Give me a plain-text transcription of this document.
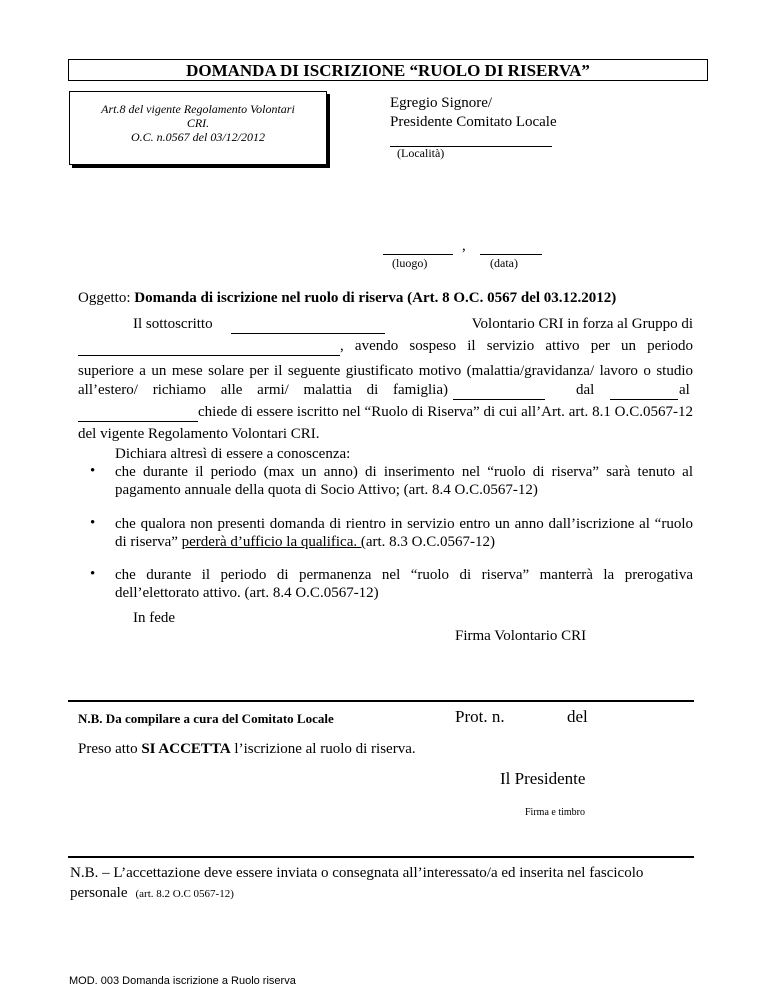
DOMANDA DI ISCRIZIONE “RUOLO DI RISERVA”
Art.8 del vigente Regolamento Volontari
CRI.
O.C. n.0567 del 03/12/2012
Egregio Signore/
Presidente Comitato Locale
(Località)
,
(luogo)	(data)
Oggetto: Domanda di iscrizione nel ruolo di riserva (Art. 8 O.C. 0567 del 03.12.2012)
Il sottoscritto	Volontario CRI in forza al Gruppo di
, avendo sospeso il servizio attivo per un periodo
superiore a un mese solare per il seguente giustificato motivo (malattia/gravidanza/ lavoro o studio
all’estero/ richiamo alle armi/ malattia di famiglia)	dal	al
chiede di essere iscritto nel “Ruolo di Riserva” di cui all’Art. art. 8.1 O.C.0567-12
del vigente Regolamento Volontari CRI.
Dichiara altresì di essere a conoscenza:
• che durante il periodo (max un anno) di inserimento nel “ruolo di riserva” sarà tenuto al pagamento annuale della quota di Socio Attivo; (art. 8.4 O.C.0567-12)
• che qualora non presenti domanda di rientro in servizio entro un anno dall’iscrizione al “ruolo di riserva” perderà d’ufficio la qualifica. (art. 8.3 O.C.0567-12)
• che durante il periodo di permanenza nel “ruolo di riserva” manterrà la prerogativa dell’elettorato attivo. (art. 8.4 O.C.0567-12)
In fede
Firma Volontario CRI
N.B. Da compilare a cura del Comitato Locale	Prot. n.	del
Preso atto SI ACCETTA l’iscrizione al ruolo di riserva.
Il Presidente
Firma e timbro
N.B. – L’accettazione deve essere inviata o consegnata all’interessato/a ed inserita nel fascicolo
personale (art. 8.2 O.C 0567-12)
MOD. 003 Domanda iscrizione a Ruolo riserva
